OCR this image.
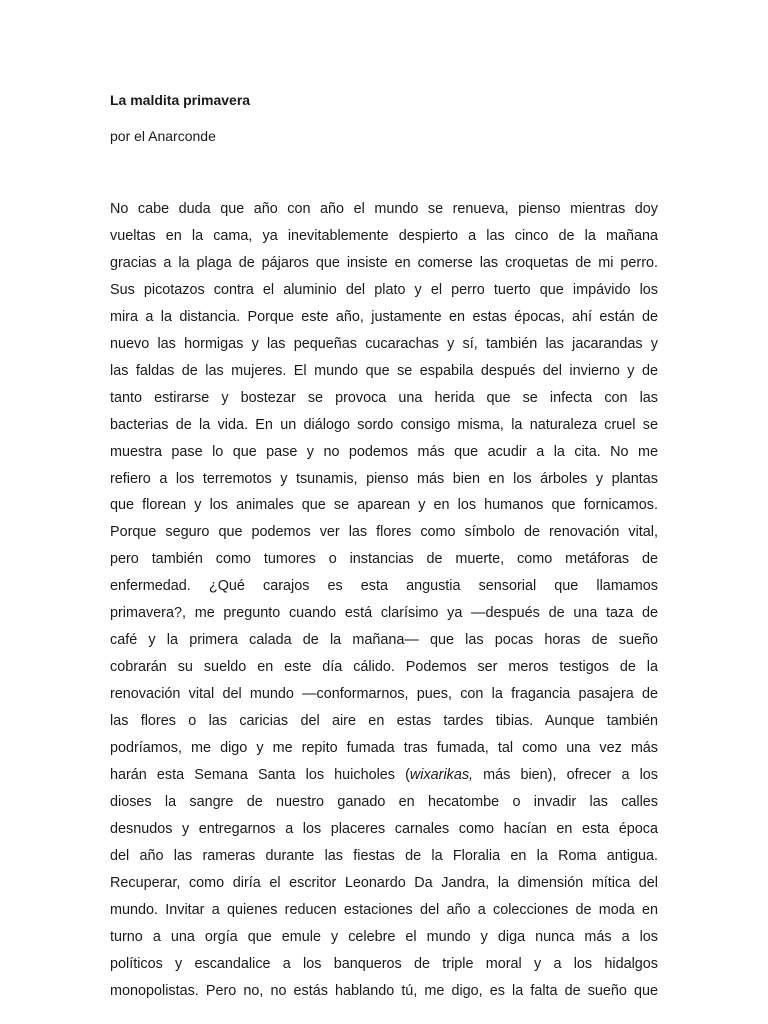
La maldita primavera

por el Anarconde

No cabe duda que año con año el mundo se renueva, pienso mientras doy
vueltas en la cama, ya inevitablemente despierto a las cinco de la mañana
gracias a la plaga de pájaros que insiste en comerse las croquetas de mi perro.
Sus picotazos contra el aluminio del plato y el perro tuerto que impávido los
mira a la distancia. Porque este año, justamente en estas épocas, ahí están de
nuevo las hormigas y las pequeñas cucarachas y sí, también las jacarandas y
las faldas de las mujeres. El mundo que se espabila después del invierno y de
tanto estirarse y bostezar se provoca una herida que se infecta con las
bacterias de la vida. En un diálogo sordo consigo misma, la naturaleza cruel se
muestra pase lo que pase y no podemos más que acudir a la cita. No me
refiero a los terremotos y tsunamis, pienso más bien en los árboles y plantas
que florean y los animales que se aparean y en los humanos que fornicamos.
Porque seguro que podemos ver las flores como símbolo de renovación vital,
pero también como tumores o instancias de muerte, como metáforas de
enfermedad. ¿Qué carajos es esta angustia sensorial que llamamos
primavera?, me pregunto cuando está clarísimo ya —después de una taza de
café y la primera calada de la mañana— que las pocas horas de sueño
cobrarán su sueldo en este día cálido. Podemos ser meros testigos de la
renovación vital del mundo —conformarnos, pues, con la fragancia pasajera de
las flores o las caricias del aire en estas tardes tibias. Aunque también
podríamos, me digo y me repito fumada tras fumada, tal como una vez más
harán esta Semana Santa los huicholes (wixarikas, más bien), ofrecer a los
dioses la sangre de nuestro ganado en hecatombe o invadir las calles
desnudos y entregarnos a los placeres carnales como hacían en esta época
del año las rameras durante las fiestas de la Floralia en la Roma antigua.
Recuperar, como diría el escritor Leonardo Da Jandra, la dimensión mítica del
mundo. Invitar a quienes reducen estaciones del año a colecciones de moda en
turno a una orgía que emule y celebre el mundo y diga nunca más a los
políticos y escandalice a los banqueros de triple moral y a los hidalgos
monopolistas. Pero no, no estás hablando tú, me digo, es la falta de sueño que
